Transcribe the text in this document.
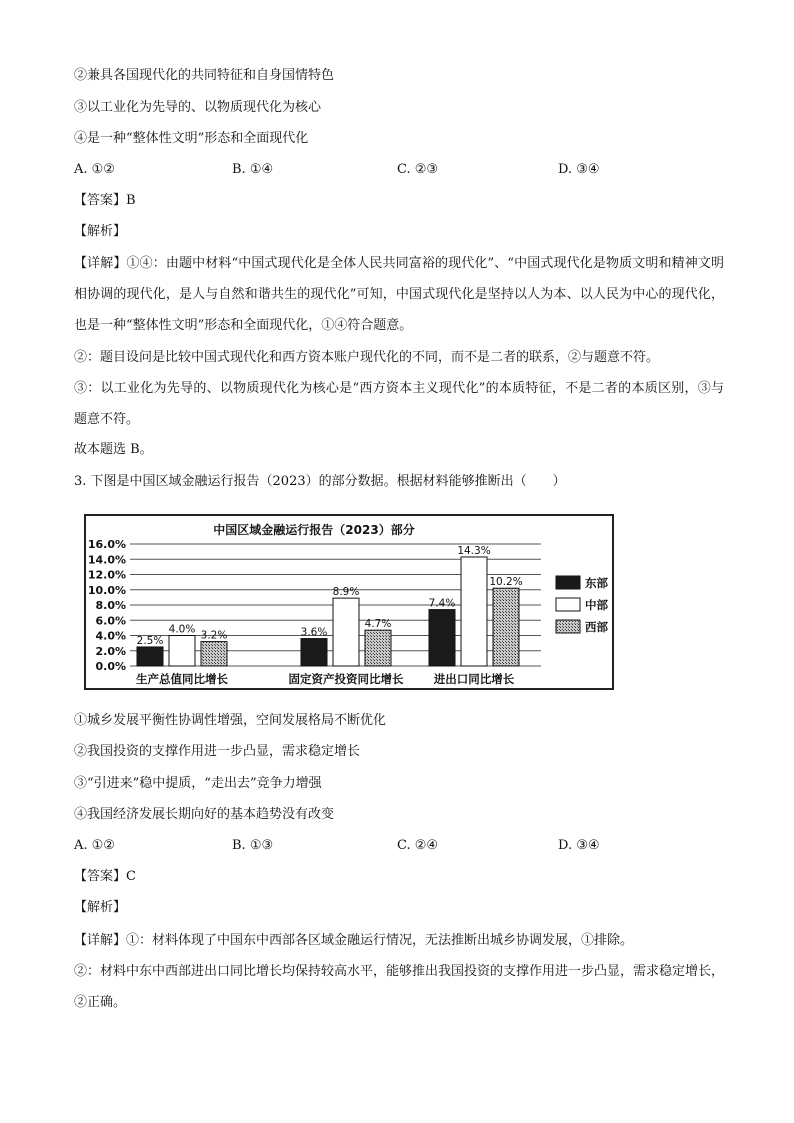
②兼具各国现代化的共同特征和自身国情特色
③以工业化为先导的、以物质现代化为核心
④是一种“整体性文明”形态和全面现代化
A. ①②	B. ①④	C. ②③	D. ③④
【答案】B
【解析】
【详解】①④：由题中材料“中国式现代化是全体人民共同富裕的现代化”、“中国式现代化是物质文明和精神文明相协调的现代化，是人与自然和谐共生的现代化”可知，中国式现代化是坚持以人为本、以人民为中心的现代化，也是一种“整体性文明”形态和全面现代化，①④符合题意。
②：题目设问是比较中国式现代化和西方资本账户现代化的不同，而不是二者的联系，②与题意不符。
③：以工业化为先导的、以物质现代化为核心是“西方资本主义现代化”的本质特征，不是二者的本质区别，③与题意不符。
故本题选 B。
3. 下图是中国区域金融运行报告（2023）的部分数据。根据材料能够推断出（　　）
中国区域金融运行报告（2023）部分
0.0%
2.0%
4.0%
6.0%
8.0%
10.0%
12.0%
14.0%
16.0%
2.5%
4.0%
3.2%
生产总值同比增长
3.6%
8.9%
4.7%
固定资产投资同比增长
7.4%
14.3%
10.2%
进出口同比增长
东部
中部
西部
①城乡发展平衡性协调性增强，空间发展格局不断优化
②我国投资的支撑作用进一步凸显，需求稳定增长
③“引进来”稳中提质，“走出去”竞争力增强
④我国经济发展长期向好的基本趋势没有改变
A. ①②	B. ①③	C. ②④	D. ③④
【答案】C
【解析】
【详解】①：材料体现了中国东中西部各区域金融运行情况，无法推断出城乡协调发展，①排除。
②：材料中东中西部进出口同比增长均保持较高水平，能够推出我国投资的支撑作用进一步凸显，需求稳定增长，②正确。
